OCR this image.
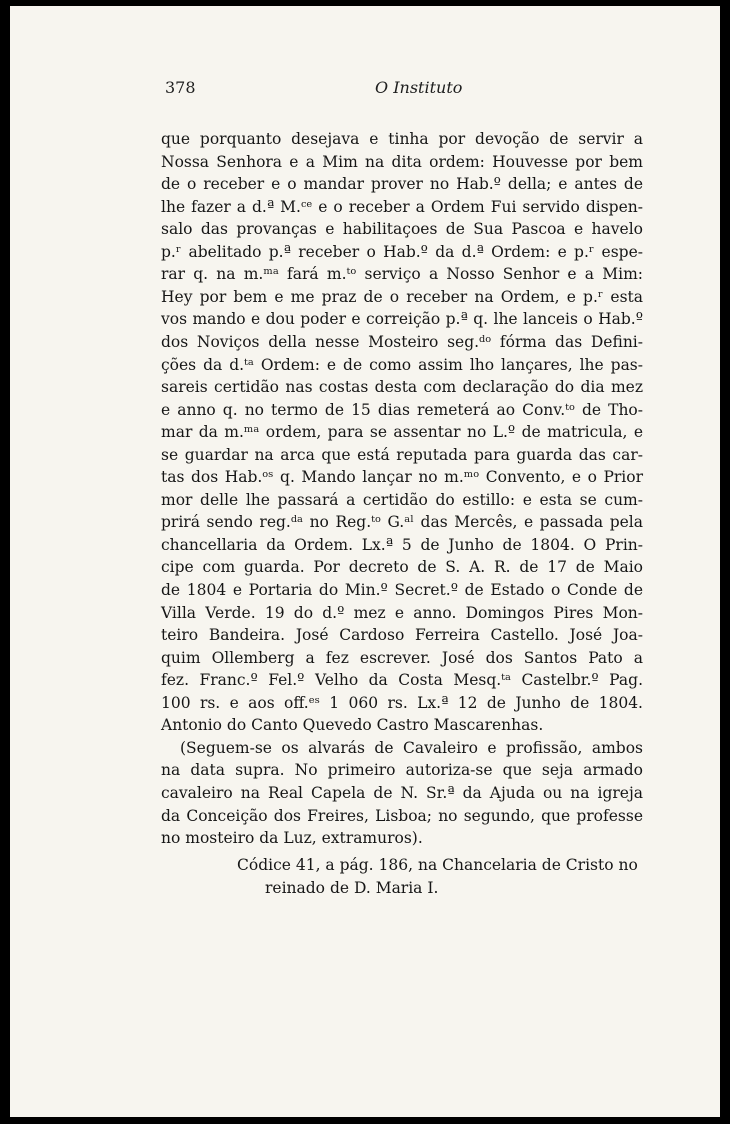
378	O Instituto
que porquanto desejava e tinha por devoção de servir a
Nossa Senhora e a Mim na dita ordem: Houvesse por bem
de o receber e o mandar prover no Hab.º della; e antes de
lhe fazer a d.ª M.ᶜᵉ e o receber a Ordem Fui servido dispen-
salo das provanças e habilitaçoes de Sua Pascoa e havelo
p.ʳ abelitado p.ª receber o Hab.º da d.ª Ordem: e p.ʳ espe-
rar q. na m.ᵐᵃ fará m.ᵗᵒ serviço a Nosso Senhor e a Mim:
Hey por bem e me praz de o receber na Ordem, e p.ʳ esta
vos mando e dou poder e correição p.ª q. lhe lanceis o Hab.º
dos Noviços della nesse Mosteiro seg.ᵈᵒ fórma das Defini-
ções da d.ᵗᵃ Ordem: e de como assim lho lançares, lhe pas-
sareis certidão nas costas desta com declaração do dia mez
e anno q. no termo de 15 dias remeterá ao Conv.ᵗᵒ de Tho-
mar da m.ᵐᵃ ordem, para se assentar no L.º de matricula, e
se guardar na arca que está reputada para guarda das car-
tas dos Hab.ᵒˢ q. Mando lançar no m.ᵐᵒ Convento, e o Prior
mor delle lhe passará a certidão do estillo: e esta se cum-
prirá sendo reg.ᵈᵃ no Reg.ᵗᵒ G.ᵃˡ das Mercês, e passada pela
chancellaria da Ordem. Lx.ª 5 de Junho de 1804. O Prin-
cipe com guarda. Por decreto de S. A. R. de 17 de Maio
de 1804 e Portaria do Min.º Secret.º de Estado o Conde de
Villa Verde. 19 do d.º mez e anno. Domingos Pires Mon-
teiro Bandeira. José Cardoso Ferreira Castello. José Joa-
quim Ollemberg a fez escrever. José dos Santos Pato a
fez. Franc.º Fel.º Velho da Costa Mesq.ᵗᵃ Castelbr.º Pag.
100 rs. e aos off.ᵉˢ 1 060 rs. Lx.ª 12 de Junho de 1804.
Antonio do Canto Quevedo Castro Mascarenhas.
(Seguem-se os alvarás de Cavaleiro e profissão, ambos
na data supra. No primeiro autoriza-se que seja armado
cavaleiro na Real Capela de N. Sr.ª da Ajuda ou na igreja
da Conceição dos Freires, Lisboa; no segundo, que professe
no mosteiro da Luz, extramuros).
Códice 41, a pág. 186, na Chancelaria de Cristo no
reinado de D. Maria I.
